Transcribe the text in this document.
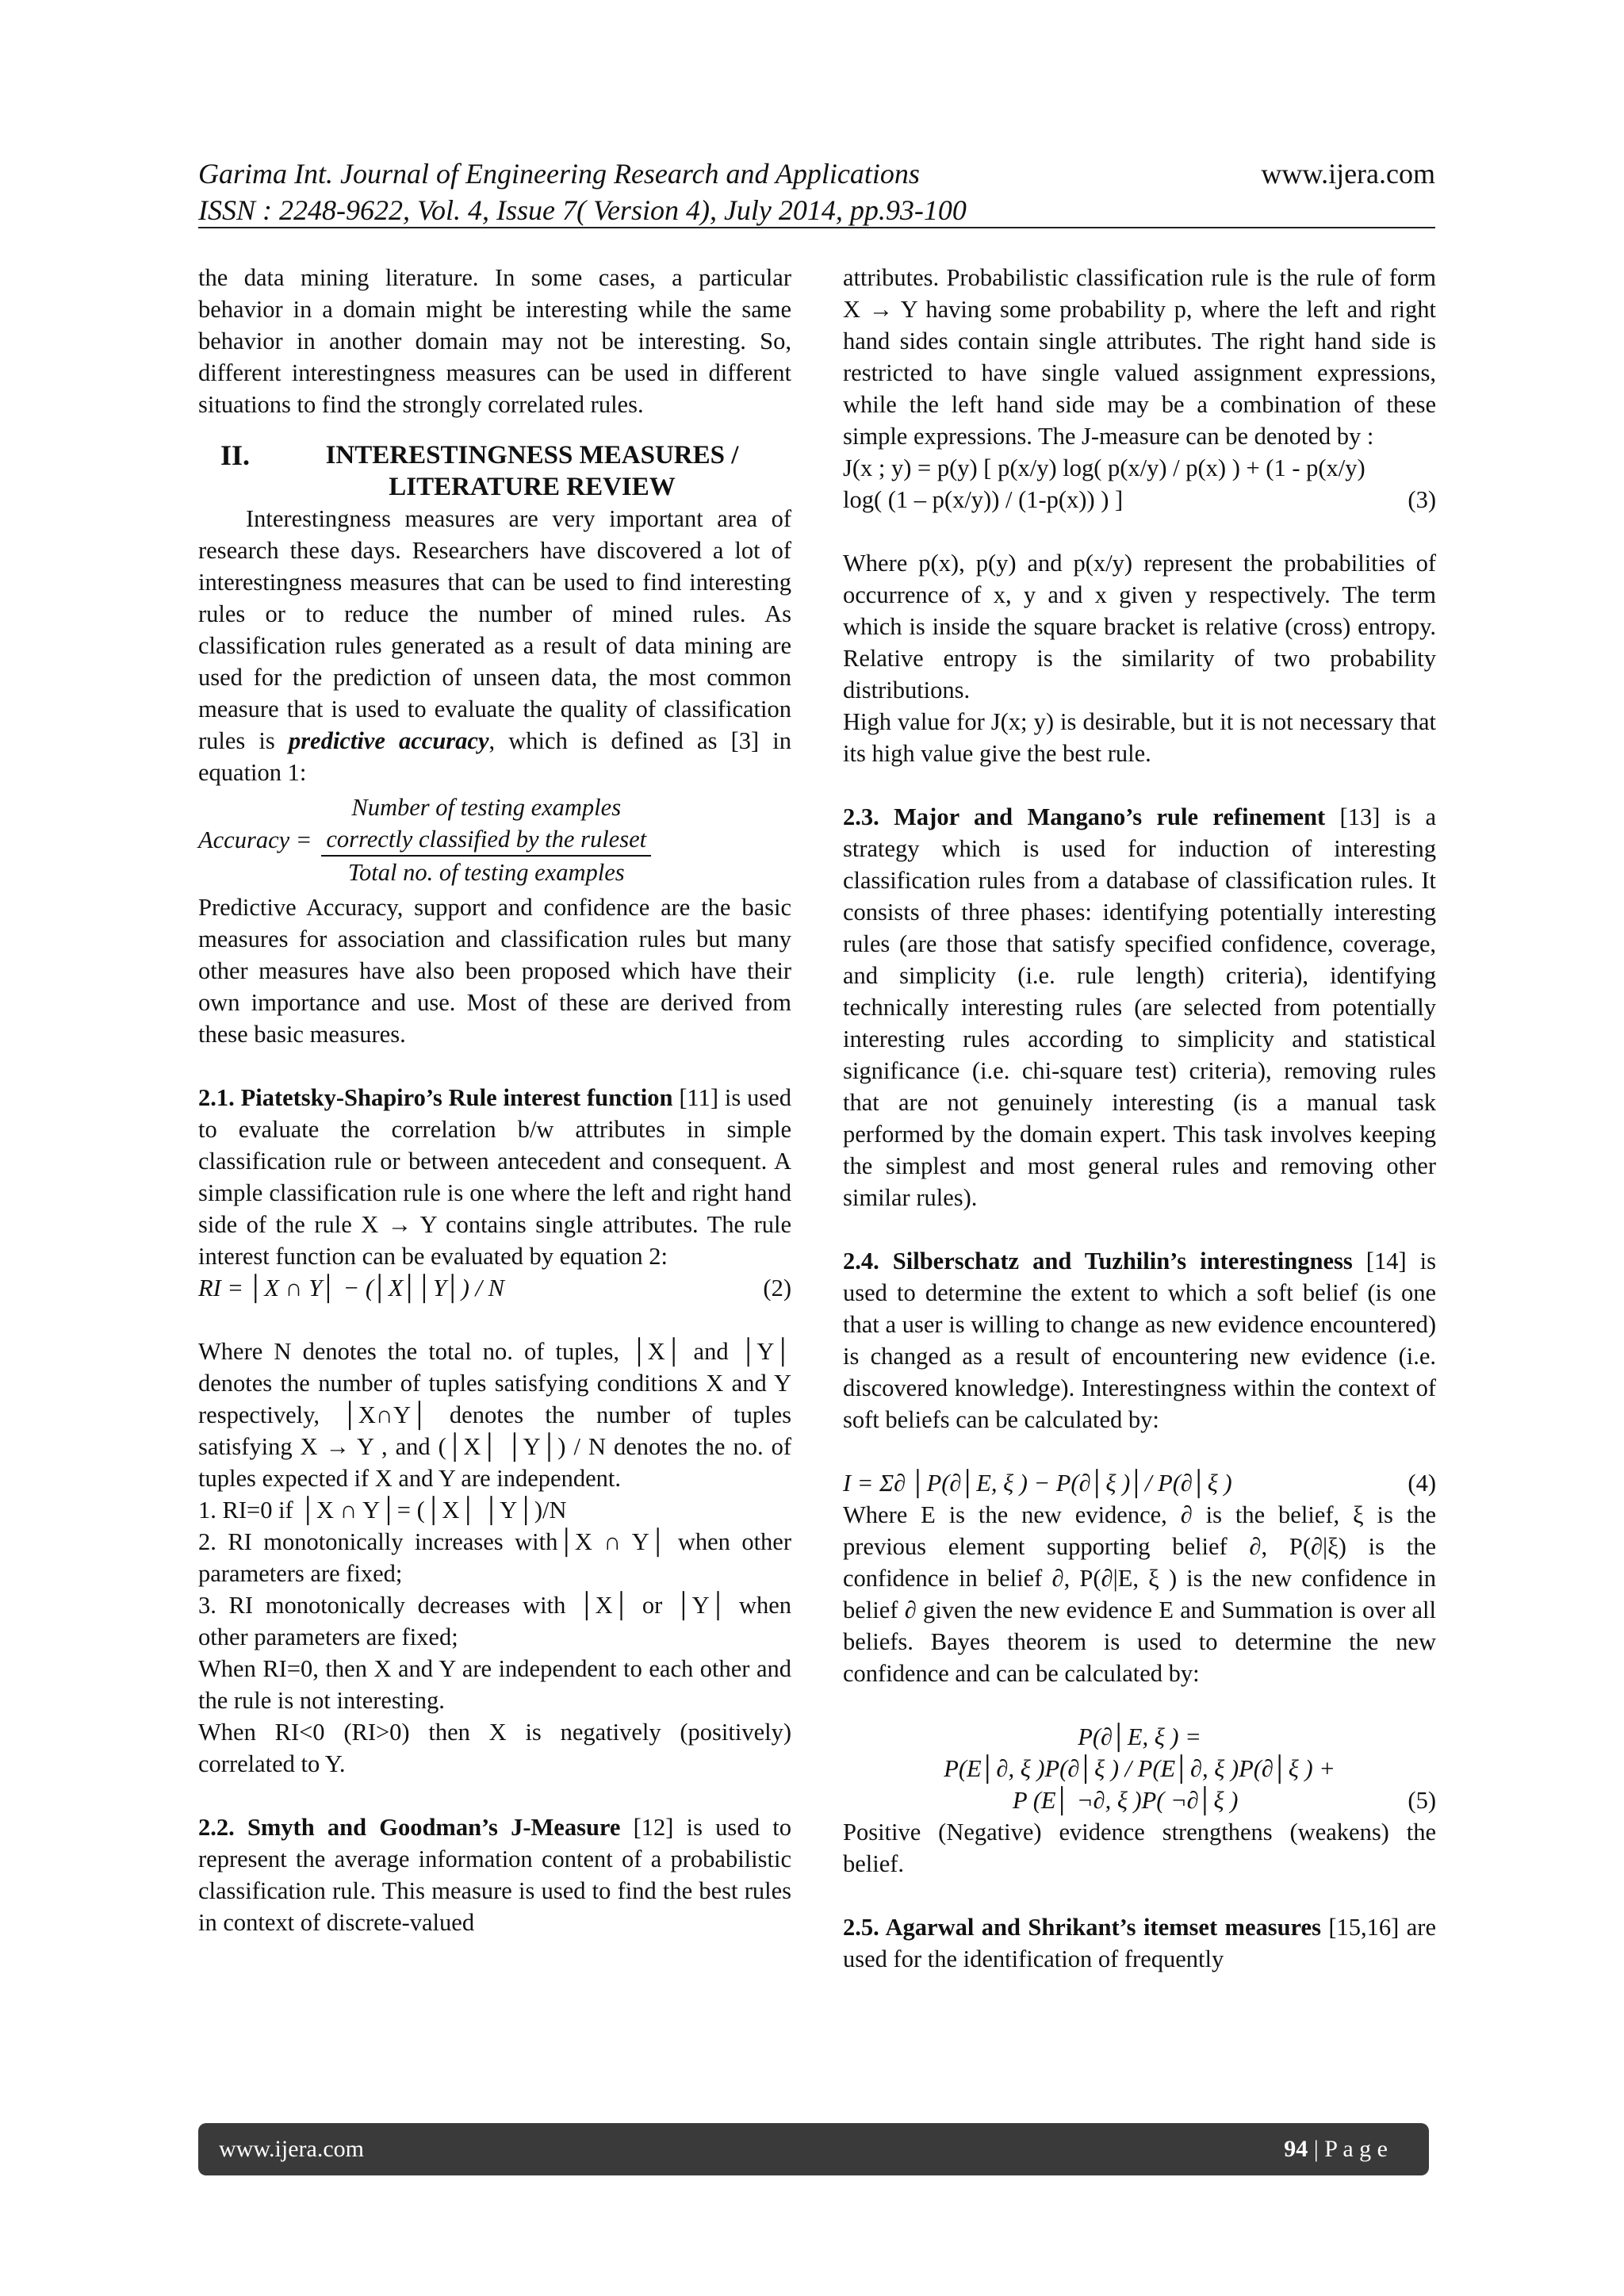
Garima Int. Journal of Engineering Research and Applications
ISSN : 2248-9622, Vol. 4, Issue 7( Version 4), July 2014, pp.93-100
www.ijera.com

the data mining literature. In some cases, a particular behavior in a domain might be interesting while the same behavior in another domain may not be interesting. So, different interestingness measures can be used in different situations to find the strongly correlated rules.

II.	INTERESTINGNESS MEASURES /
LITERATURE REVIEW

Interestingness measures are very important area of research these days. Researchers have discovered a lot of interestingness measures that can be used to find interesting rules or to reduce the number of mined rules. As classification rules generated as a result of data mining are used for the prediction of unseen data, the most common measure that is used to evaluate the quality of classification rules is predictive accuracy, which is defined as [3] in equation 1:

Accuracy =
Number of testing examples
correctly classified by the ruleset
Total no. of testing examples

Predictive Accuracy, support and confidence are the basic measures for association and classification rules but many other measures have also been proposed which have their own importance and use. Most of these are derived from these basic measures.

2.1. Piatetsky-Shapiro’s Rule interest function [11] is used to evaluate the correlation b/w attributes in simple classification rule or between antecedent and consequent. A simple classification rule is one where the left and right hand side of the rule X → Y contains single attributes. The rule interest function can be evaluated by equation 2:

RI = │X ∩ Y│ − (│X││Y│) / N	(2)

Where N denotes the total no. of tuples, │X│ and │Y│ denotes the number of tuples satisfying conditions X and Y respectively, │X∩Y│ denotes the number of tuples satisfying X → Y , and (│X│ │Y│) / N denotes the no. of tuples expected if X and Y are independent.

1. RI=0 if │X ∩ Y│= (│X│ │Y│)/N

2. RI monotonically increases with│X ∩ Y│ when other parameters are fixed;

3. RI monotonically decreases with │X│ or │Y│ when other parameters are fixed;

When RI=0, then X and Y are independent to each other and the rule is not interesting.

When RI<0 (RI>0) then X is negatively (positively) correlated to Y.

2.2. Smyth and Goodman’s J-Measure [12] is used to represent the average information content of a probabilistic classification rule. This measure is used to find the best rules in context of discrete-valued

attributes. Probabilistic classification rule is the rule of form X → Y having some probability p, where the left and right hand sides contain single attributes. The right hand side is restricted to have single valued assignment expressions, while the left hand side may be a combination of these simple expressions. The J-measure can be denoted by :

J(x ; y) = p(y) [ p(x/y) log( p(x/y) / p(x) ) + (1 - p(x/y)

log( (1 – p(x/y)) / (1-p(x)) ) ]	(3)

Where p(x), p(y) and p(x/y) represent the probabilities of occurrence of x, y and x given y respectively. The term which is inside the square bracket is relative (cross) entropy. Relative entropy is the similarity of two probability distributions.

High value for J(x; y) is desirable, but it is not necessary that its high value give the best rule.

2.3. Major and Mangano’s rule refinement [13] is a strategy which is used for induction of interesting classification rules from a database of classification rules. It consists of three phases: identifying potentially interesting rules (are those that satisfy specified confidence, coverage, and simplicity (i.e. rule length) criteria), identifying technically interesting rules (are selected from potentially interesting rules according to simplicity and statistical significance (i.e. chi-square test) criteria), removing rules that are not genuinely interesting (is a manual task performed by the domain expert. This task involves keeping the simplest and most general rules and removing other similar rules).

2.4. Silberschatz and Tuzhilin’s interestingness [14] is used to determine the extent to which a soft belief (is one that a user is willing to change as new evidence encountered) is changed as a result of encountering new evidence (i.e. discovered knowledge). Interestingness within the context of soft beliefs can be calculated by:

I = Σ∂ │P(∂│E, ξ ) − P(∂│ξ )│/ P(∂│ξ )	(4)

Where E is the new evidence, ∂ is the belief, ξ is the previous element supporting belief ∂, P(∂|ξ) is the confidence in belief ∂, P(∂|E, ξ ) is the new confidence in belief ∂ given the new evidence E and Summation is over all beliefs. Bayes theorem is used to determine the new confidence and can be calculated by:

P(∂│E, ξ ) =
P(E│∂, ξ )P(∂│ξ ) / P(E│∂, ξ )P(∂│ξ ) +
P (E│ ¬∂, ξ )P( ¬∂│ξ )	(5)

Positive (Negative) evidence strengthens (weakens) the belief.

2.5. Agarwal and Shrikant’s itemset measures [15,16] are used for the identification of frequently

www.ijera.com	94 | P a g e
